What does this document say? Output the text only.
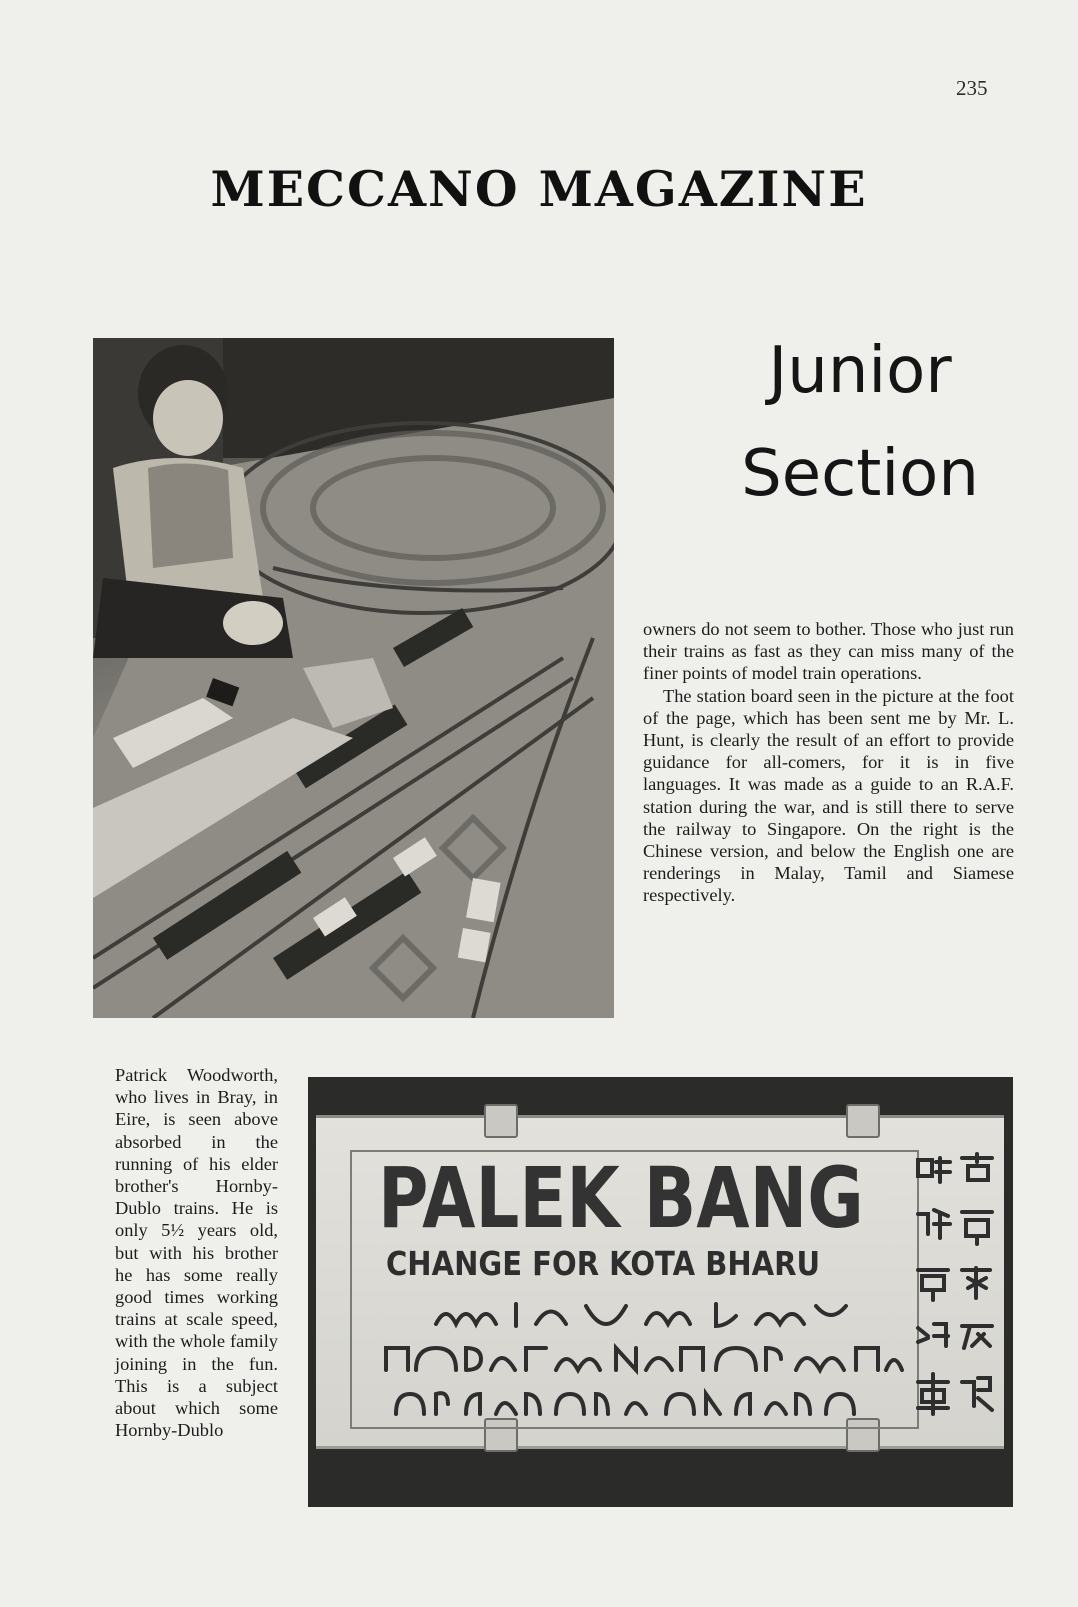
235
MECCANO MAGAZINE
Junior
Section

owners do not seem to bother. Those who just run their trains as fast as they can miss many of the finer points of model train operations.

The station board seen in the picture at the foot of the page, which has been sent me by Mr. L. Hunt, is clearly the result of an effort to provide guidance for all-comers, for it is in five languages. It was made as a guide to an R.A.F. station during the war, and is still there to serve the railway to Singapore. On the right is the Chinese version, and below the English one are renderings in Malay, Tamil and Siamese respectively.

Patrick Woodworth, who lives in Bray, in Eire, is seen above absorbed in the running of his elder brother's Hornby-Dublo trains. He is only 5½ years old, but with his brother he has some really good times working trains at scale speed, with the whole family joining in the fun. This is a subject about which some Hornby-Dublo

PALEK BANG
CHANGE FOR KOTA BHARU
